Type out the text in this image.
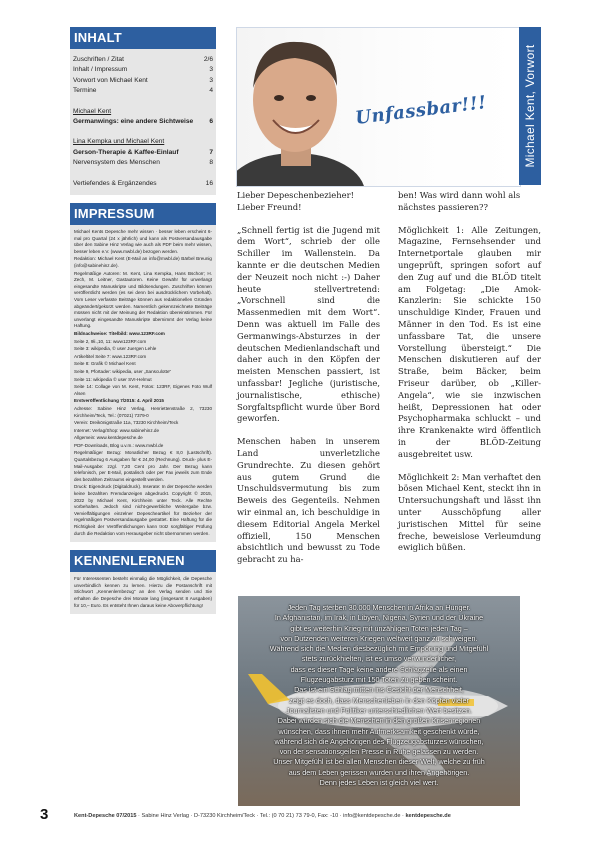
INHALT
Zuschriften / Zitat	2/6
Inhalt / Impressum	3
Vorwort von Michael Kent	3
Termine	4
Michael Kent
Germanwings: eine andere Sichtweise	6
Lina Kempka und Michael Kent
Gerson-Therapie & Kaffee-Einlauf	7
Nervensystem des Menschen	8
Vertiefendes & Ergänzendes	16
IMPRESSUM

Michael Kents Depesche mehr wissen · besser leben erscheint 6-mal pro Quartal (24 x jährlich) und kann als Postversandausgabe über den Sabine Hinz Verlag wie auch als PDF beim mehr wissen, besser leben e.V. (www.mwbl.de) bezogen werden.

Redaktion: Michael Kent (E-Mail an info@mwbl.de) Bärbel Breunig (info@sabinehinz.de).

Regelmäßige Autoren: M. Kent, Lina Kempka, Hans Bschorr; H. Zech, M. Leitner, Gastautoren. Keine Gewähr für unverlangt eingesandte Manuskripte und Bildsendungen. Zuschriften können veröffentlicht werden (es sei denn bei ausdrücklichem Vorbehalt). Vom Leser verfasste Beiträge können aus redaktionellen Gründen abgeändert/gekürzt werden. Namentlich gekennzeichnete Beiträge müssen nicht mit der Meinung der Redaktion übereinstimmen. Für unverlangt eingesandte Manuskripte übernimmt der Verlag keine Haftung.

Bildnachweise: Titelbild: www.123RF.com

Seite 2, 9li.,10, 11: www123RF.com

Seite 3: wikipedia, © user Juergen Lehle

Artikeltitel Seite 7: www.123RF.com

Seite 8: Grafik © Michael Kent

Seite 9, Pfortader: wikipedia, user „Sansculotte“

Seite 11: wikipedia © user SVI-Helmut

Seite 14: Collage von M. Kent, Fotos: 123RF, Eigenes Foto Wulf Alsen

Erstveröffentlichung 7/2015: 4. April 2015

Adresse: Sabine Hinz Verlag, Henriettenstraße 2, 73230 Kirchheim/Teck, Tel.: (07021) 7379-0

Verein: Dreikönigstraße 11a, 73230 Kirchheim/Teck

Internet: Verlag/Shop: www.sabinehinz.de

Allgemein: www.kentdepesche.de

PDF-Downloads, Blog u.v.m.: www.mwbl.de

Regelmäßiger Bezug: Monatlicher Bezug € 8,0 (Lastschrift). Quartalsbezug 6 Ausgaben für € 24,00 (Rechnung). Druck- plus E-Mail-Ausgabe: zzgl. 7,20 Cent pro Jahr. Der Bezug kann telefonisch, per E-Mail, postalisch oder per Fax jeweils zum Ende des bezahlten Zeitraums eingestellt werden.

Druck: Eigendruck (Digitaldruck). Inserate: In der Depesche werden keine bezahlten Fremdanzeigen abgedruckt. Copyright © 2015, 2022 by Michael Kent, Kirchheim unter Teck. Alle Rechte vorbehalten. Jedoch sind nicht-gewerbliche Weitergabe bzw. Vervielfältigungen einzelner Depescheartikel für Bezieher der regelmäßigen Postversandausgabe gestattet. Eine Haftung für die Richtigkeit der Veröffentlichungen kann trotz sorgfältiger Prüfung durch die Redaktion vom Herausgeber nicht übernommen werden.

KENNENLERNEN
Für Interessenten besteht einmalig die Möglichkeit, die Depesche unverbindlich kennen zu lernen. Hierzu die Postanschrift mit Stichwort „Kennenlernbezug“ an den Verlag senden und Sie erhalten die Depesche drei Monate lang (insgesamt 8 Ausgaben) für 10,– Euro. Es entsteht Ihnen daraus keine Aboverpflichtung!
Unfassbar!!!	Michael Kent, Vorwort

Lieber Depeschenbezieher!
Lieber Freund!

„Schnell fertig ist die Jugend mit dem Wort“, schrieb der olle Schiller im Wallenstein. Da kannte er die deutschen Medien der Neuzeit noch nicht :-) Daher heute stellvertretend: „Vorschnell sind die Massenmedien mit dem Wort“. Denn was aktuell im Falle des Germanwings-Absturzes in der deutschen Medienlandschaft und daher auch in den Köpfen der meisten Menschen passiert, ist unfassbar! Jegliche (juristische, journalistische, ethische) Sorgfaltspflicht wurde über Bord geworfen.

Menschen haben in unserem Land unverletzliche Grundrechte. Zu diesen gehört aus gutem Grund die Unschuldsvermutung bis zum Beweis des Gegenteils. Nehmen wir einmal an, ich beschuldige in diesem Editorial Angela Merkel offiziell, 150 Menschen absichtlich und bewusst zu Tode gebracht zu ha-

ben! Was wird dann wohl als nächstes passieren??

Möglichkeit 1: Alle Zeitungen, Magazine, Fernsehsender und Internetportale glauben mir ungeprüft, springen sofort auf den Zug auf und die BLÖD titelt am Folgetag: „Die Amok-Kanzlerin: Sie schickte 150 unschuldige Kinder, Frauen und Männer in den Tod. Es ist eine unfassbare Tat, die unsere Vorstellung übersteigt.“ Die Menschen diskutieren auf der Straße, beim Bäcker, beim Friseur darüber, ob „Killer-Angela“, wie sie inzwischen heißt, Depressionen hat oder Psychopharmaka schluckt – und ihre Krankenakte wird öffentlich in der BLÖD-Zeitung ausgebreitet usw.

Möglichkeit 2: Man verhaftet den bösen Michael Kent, steckt ihn in Untersuchungshaft und lässt ihn unter Ausschöpfung aller juristischen Mittel für seine freche, beweislose Verleumdung ewiglich büßen.

Jeden Tag sterben 30.000 Menschen in Afrika an Hunger.
In Afghanistan, im Irak, in Libyen, Nigeria, Syrien und der Ukraine
gibt es weiterhin Krieg mit unzähligen Toten jeden Tag –
von Dutzenden weiteren Kriegen weltweit ganz zu schweigen.
Während sich die Medien diesbezüglich mit Empörung und Mitgefühl
stets zurückhielten, ist es umso verwunderlicher,
dass es dieser Tage keine andere Schlagzeile als einen
Flugzeugabsturz mit 150 Toten zu geben scheint.
Das ist ein Schlag mitten ins Gesicht der Menschheit,
zeigt es doch, dass Menschenleben in den Köpfen vieler
Journalisten und Politiker unterschiedlichen Wert besitzen.
Dabei würden sich die Menschen in den großen Krisenregionen
wünschen, dass ihnen mehr Aufmerksamkeit geschenkt würde,
während sich die Angehörigen des Flugzeugabsturzes wünschen,
von der sensationsgeilen Presse in Ruhe gelassen zu werden.
Unser Mitgefühl ist bei allen Menschen dieser Welt, welche zu früh
aus dem Leben gerissen wurden und ihren Angehörigen.
Denn jedes Leben ist gleich viel wert.
3	Kent-Depesche 07/2015 · Sabine Hinz Verlag · D-73230 Kirchheim/Teck · Tel.: (0 70 21) 73 79-0, Fax: -10 · info@kentdepesche.de · kentdepesche.de
